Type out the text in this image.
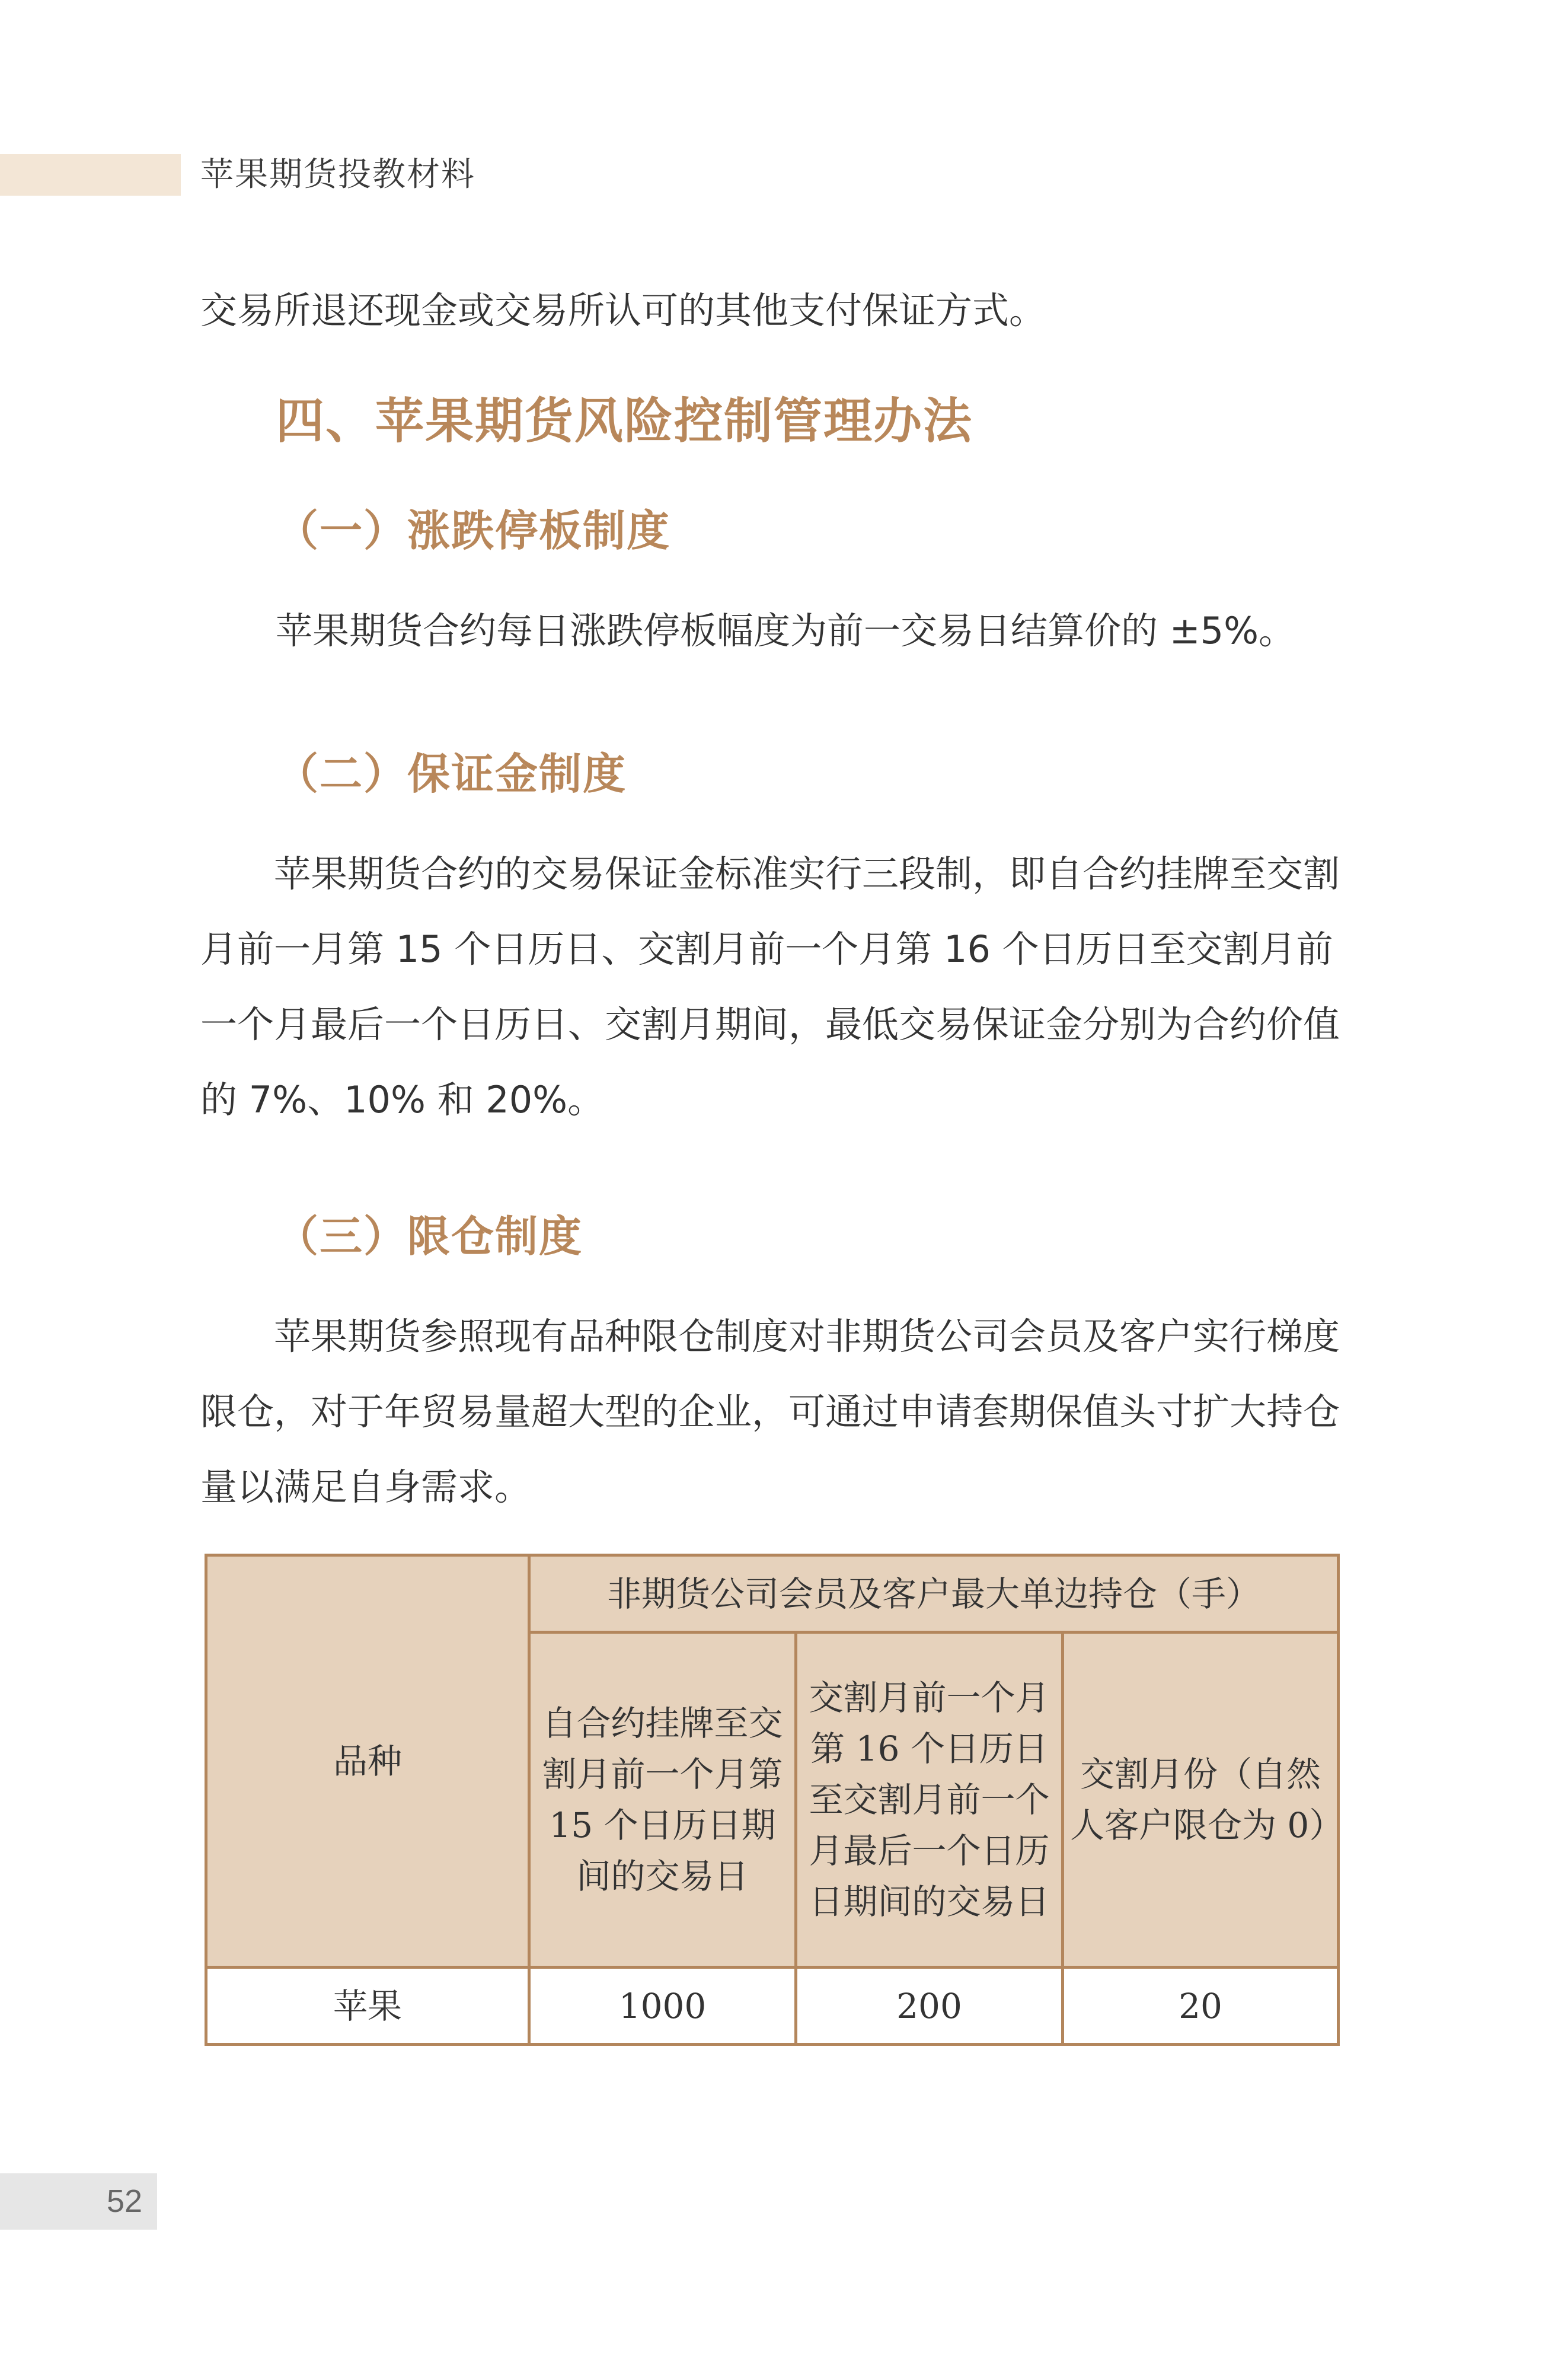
苹果期货投教材料

交易所退还现金或交易所认可的其他支付保证方式。

四、苹果期货风险控制管理办法
（一）涨跌停板制度

苹果期货合约每日涨跌停板幅度为前一交易日结算价的 ±5%。

（二）保证金制度

苹果期货合约的交易保证金标准实行三段制，即自合约挂牌至交割月前一月第 15 个日历日、交割月前一个月第 16 个日历日至交割月前一个月最后一个日历日、交割月期间，最低交易保证金分别为合约价值的 7%、10% 和 20%。

（三）限仓制度

苹果期货参照现有品种限仓制度对非期货公司会员及客户实行梯度限仓，对于年贸易量超大型的企业，可通过申请套期保值头寸扩大持仓量以满足自身需求。

品种	非期货公司会员及客户最大单边持仓（手）		
	自合约挂牌至交割月前一个月第 15 个日历日期间的交易日	交割月前一个月第 16 个日历日至交割月前一个月最后一个日历日期间的交易日	交割月份（自然人客户限仓为 0）
苹果	1000	200	20
52
